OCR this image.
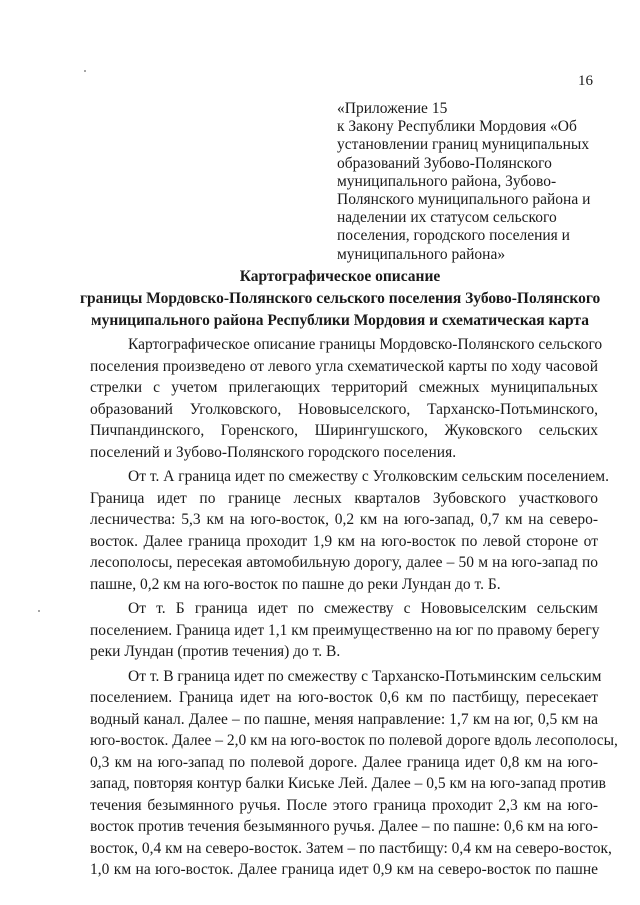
16
«Приложение 15
к Закону Республики Мордовия «Об
установлении границ муниципальных
образований Зубово-Полянского
муниципального района, Зубово-
Полянского муниципального района и
наделении их статусом сельского
поселения, городского поселения и
муниципального района»
Картографическое описание
границы Мордовско-Полянского сельского поселения Зубово-Полянского
муниципального района Республики Мордовия и схематическая карта
Картографическое описание границы Мордовско-Полянского сельского
поселения произведено от левого угла схематической карты по ходу часовой
стрелки с учетом прилегающих территорий смежных муниципальных
образований Уголковского, Нововыселского, Тарханско-Потьминского,
Пичпандинского, Горенского, Ширингушского, Жуковского сельских
поселений и Зубово-Полянского городского поселения.
От т. А граница идет по смежеству с Уголковским сельским поселением.
Граница идет по границе лесных кварталов Зубовского участкового
лесничества: 5,3 км на юго-восток, 0,2 км на юго-запад, 0,7 км на северо-
восток. Далее граница проходит 1,9 км на юго-восток по левой стороне от
лесополосы, пересекая автомобильную дорогу, далее – 50 м на юго-запад по
пашне, 0,2 км на юго-восток по пашне до реки Лундан до т. Б.
От т. Б граница идет по смежеству с Нововыселским сельским
поселением. Граница идет 1,1 км преимущественно на юг по правому берегу
реки Лундан (против течения) до т. В.
От т. В граница идет по смежеству с Тарханско-Потьминским сельским
поселением. Граница идет на юго-восток 0,6 км по пастбищу, пересекает
водный канал. Далее – по пашне, меняя направление: 1,7 км на юг, 0,5 км на
юго-восток. Далее – 2,0 км на юго-восток по полевой дороге вдоль лесополосы,
0,3 км на юго-запад по полевой дороге. Далее граница идет 0,8 км на юго-
запад, повторяя контур балки Киське Лей. Далее – 0,5 км на юго-запад против
течения безымянного ручья. После этого граница проходит 2,3 км на юго-
восток против течения безымянного ручья. Далее – по пашне: 0,6 км на юго-
восток, 0,4 км на северо-восток. Затем – по пастбищу: 0,4 км на северо-восток,
1,0 км на юго-восток. Далее граница идет 0,9 км на северо-восток по пашне
